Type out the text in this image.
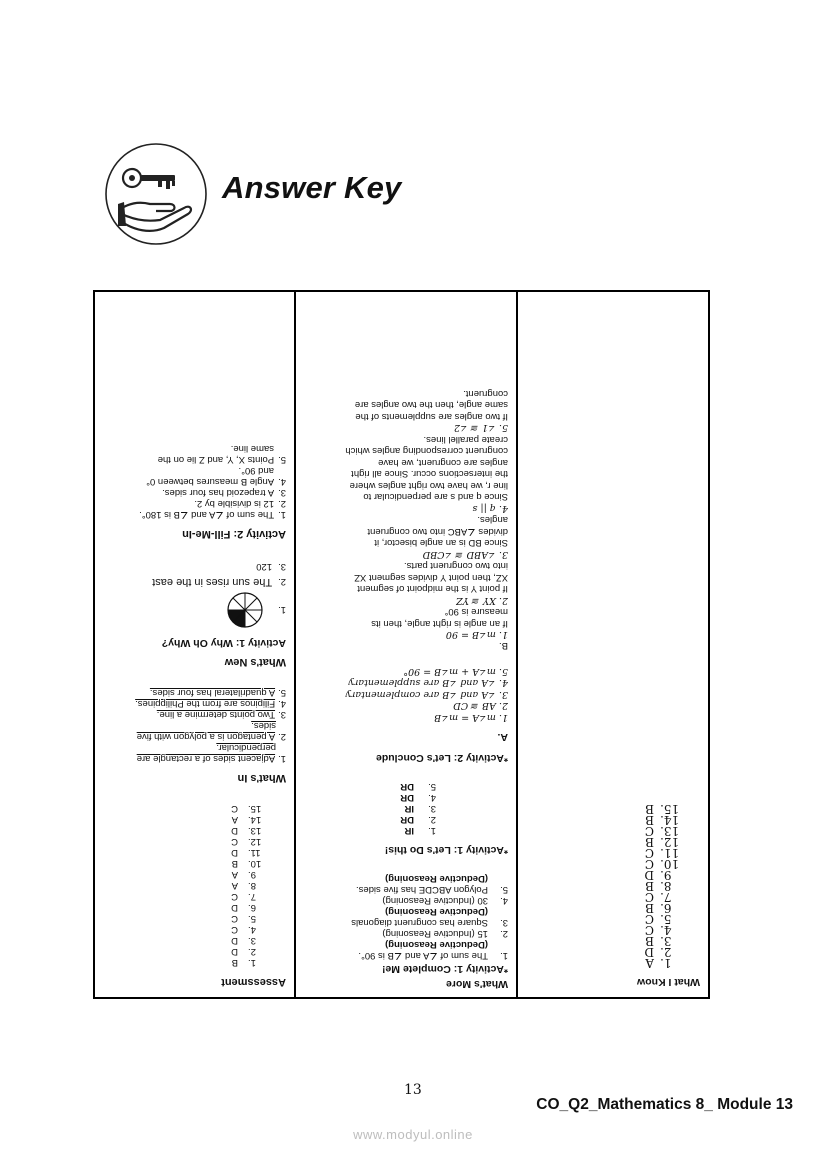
Answer Key
Assessment
1.B
2.D
3.D
4.C
5.C
6.D
7.C
8.A
9.A
10.B
11.D
12.C
13.D
14.A
15.C
What's In
1.Adjacent sides of a rectangle are
perpendicular.
2.A pentagon is a polygon with five
sides.
3.Two points determine a line.
4.Filipinos are from the Philippines.
5.A quadrilateral has four sides.
What's New
Activity 1: Why Oh Why?
1.
2.The sun rises in the east
3.120
Activity 2: Fill-Me-In
1.The sum of ∠A and ∠B is 180°.
2.12 is divisible by 2.
3.A trapezoid has four sides.
4.Angle B measures between 0°
and 90°.
5.Points X, Y, and Z lie on the
same line.
What's More
*Activity 1: Complete Me!
1.The sum of ∠A and ∠B is 90°.
(Deductive Reasoning)
2.15 (Inductive Reasoning)
3.Square has congruent diagonals
(Deductive Reasoning)
4.30 (Inductive Reasoning)
5.Polygon ABCDE has five sides.
(Deductive Reasoning)
*Activity 1: Let's Do this!
1.IR
2.DR
3.IR
4.DR
5.DR
*Activity 2: Let's Conclude
A.
1. m∠A = m∠B
2. AB ≅ CD
3. ∠A and ∠B are complementary
4. ∠A and ∠B are supplementary
5. m∠A + m∠B = 90°
B.
1. m∠B = 90
If an angle is right angle, then its
measure is 90°
2. XY ≅ YZ
If point Y is the midpoint of segment
XZ, then point Y divides segment XZ
into two congruent parts.
3. ∠ABD ≅ ∠CBD
Since BD is an angle bisector, it
divides ∠ABC into two congruent
angles.
4. q || s
Since q and s are perpendicular to
line r, we have two right angles where
the intersections occur. Since all right
angles are congruent, we have
congruent corresponding angles which
create parallel lines.
5. ∠1 ≅ ∠2
If two angles are supplements of the
same angle, then the two angles are
congruent.
What I Know
1.A
2.D
3.B
4.C
5.C
6.B
7.C
8.B
9.D
10.C
11.C
12.B
13.C
14.B
15.B
13
CO_Q2_Mathematics 8_ Module 13
www.modyul.online
